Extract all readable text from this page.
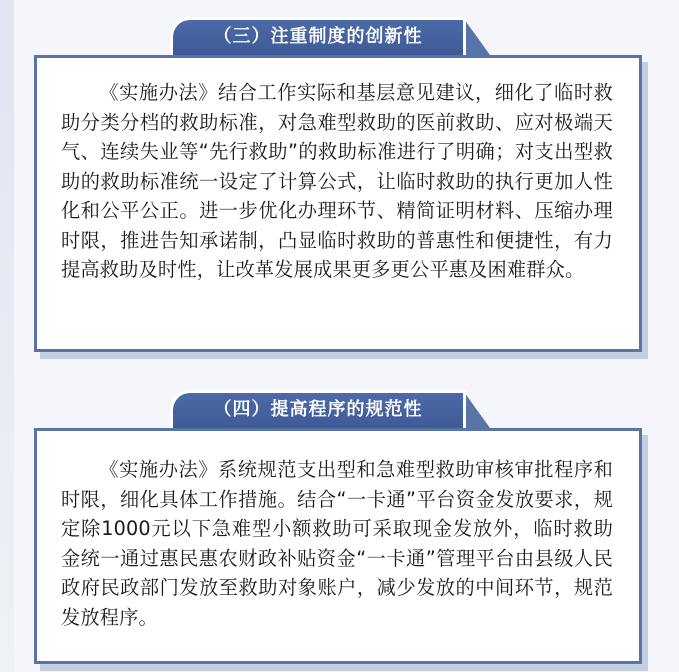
《实施办法》结合工作实际和基层意见建议，细化了临时救助分类分档的救助标准，对急难型救助的医前救助、应对极端天气、连续失业等“先行救助”的救助标准进行了明确；对支出型救助的救助标准统一设定了计算公式，让临时救助的执行更加人性化和公平公正。进一步优化办理环节、精简证明材料、压缩办理时限，推进告知承诺制，凸显临时救助的普惠性和便捷性，有力提高救助及时性，让改革发展成果更多更公平惠及困难群众。

（三）注重制度的创新性

《实施办法》系统规范支出型和急难型救助审核审批程序和时限，细化具体工作措施。结合“一卡通”平台资金发放要求，规定除1000元以下急难型小额救助可采取现金发放外，临时救助金统一通过惠民惠农财政补贴资金“一卡通”管理平台由县级人民政府民政部门发放至救助对象账户，减少发放的中间环节，规范发放程序。

（四）提高程序的规范性
